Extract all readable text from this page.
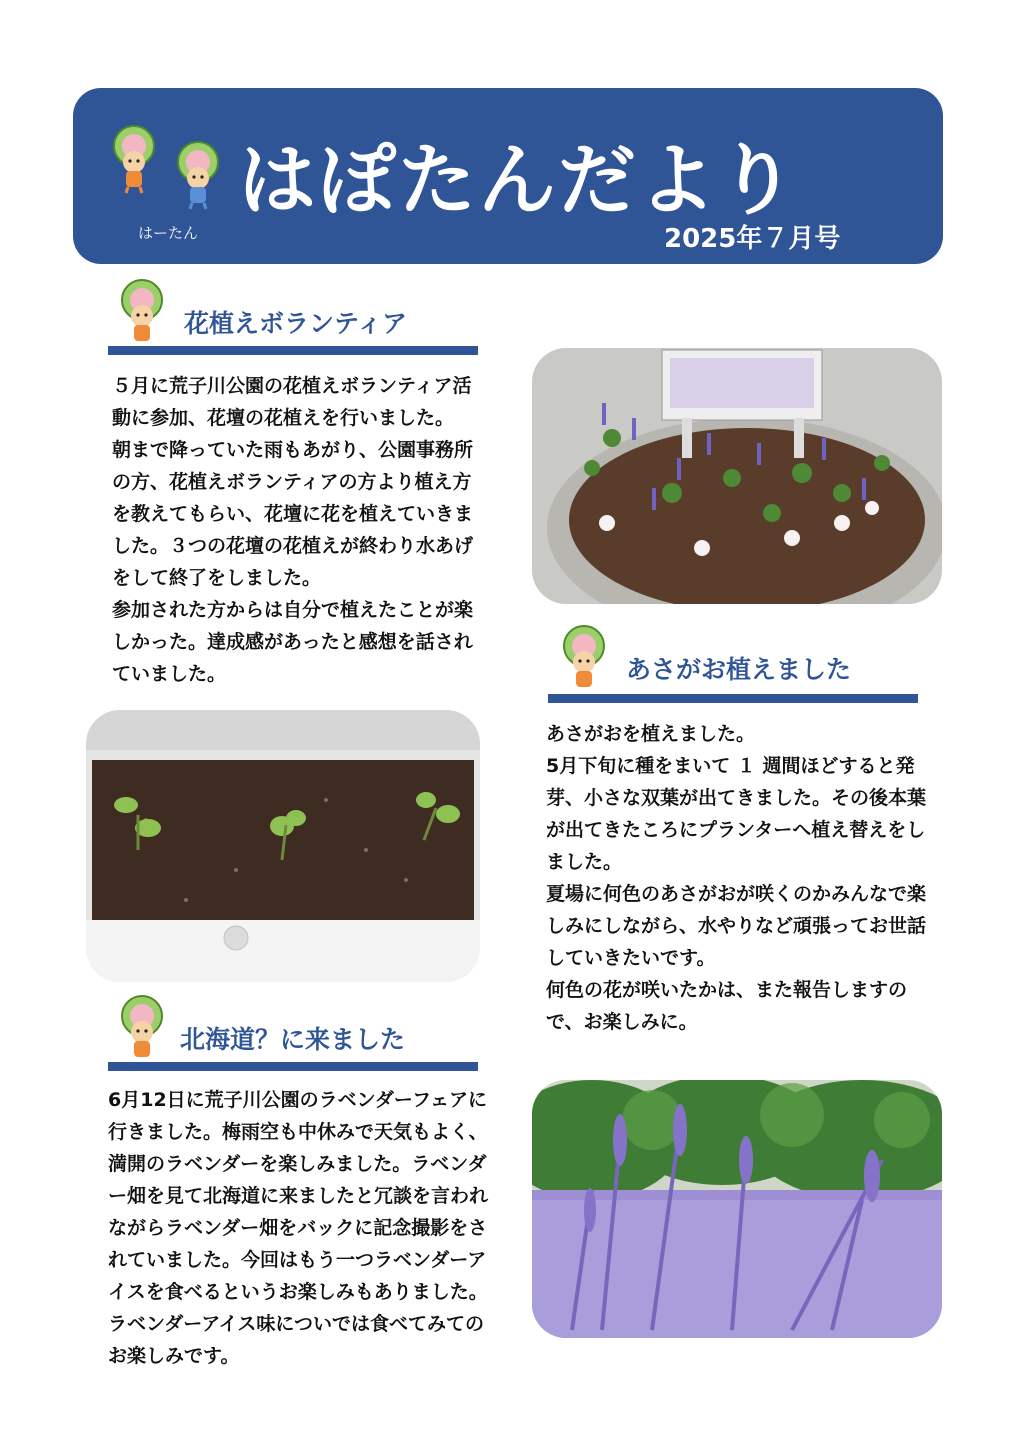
はーたん
はぽたんだより
2025年７月号
花植えボランティア

５月に荒子川公園の花植えボランティア活動に参加、花壇の花植えを行いました。

朝まで降っていた雨もあがり、公園事務所の方、花植えボランティアの方より植え方を教えてもらい、花壇に花を植えていきました。３つの花壇の花植えが終わり水あげをして終了をしました。

参加された方からは自分で植えたことが楽しかった。達成感があったと感想を話されていました。	あさがお植えました

あさがおを植えました。

5月下旬に種をまいて １ 週間ほどすると発芽、小さな双葉が出てきました。その後本葉が出てきたころにプランターへ植え替えをしました。

夏場に何色のあさがおが咲くのかみんなで楽しみにしながら、水やりなど頑張ってお世話していきたいです。

何色の花が咲いたかは、また報告しますので、お楽しみに。

北海道？に来ました

6月12日に荒子川公園のラベンダーフェアに行きました。梅雨空も中休みで天気もよく、満開のラベンダーを楽しみました。ラベンダー畑を見て北海道に来ましたと冗談を言われながらラベンダー畑をバックに記念撮影をされていました。今回はもう一つラベンダーアイスを食べるというお楽しみもありました。ラベンダーアイス味についでは食べてみてのお楽しみです。
